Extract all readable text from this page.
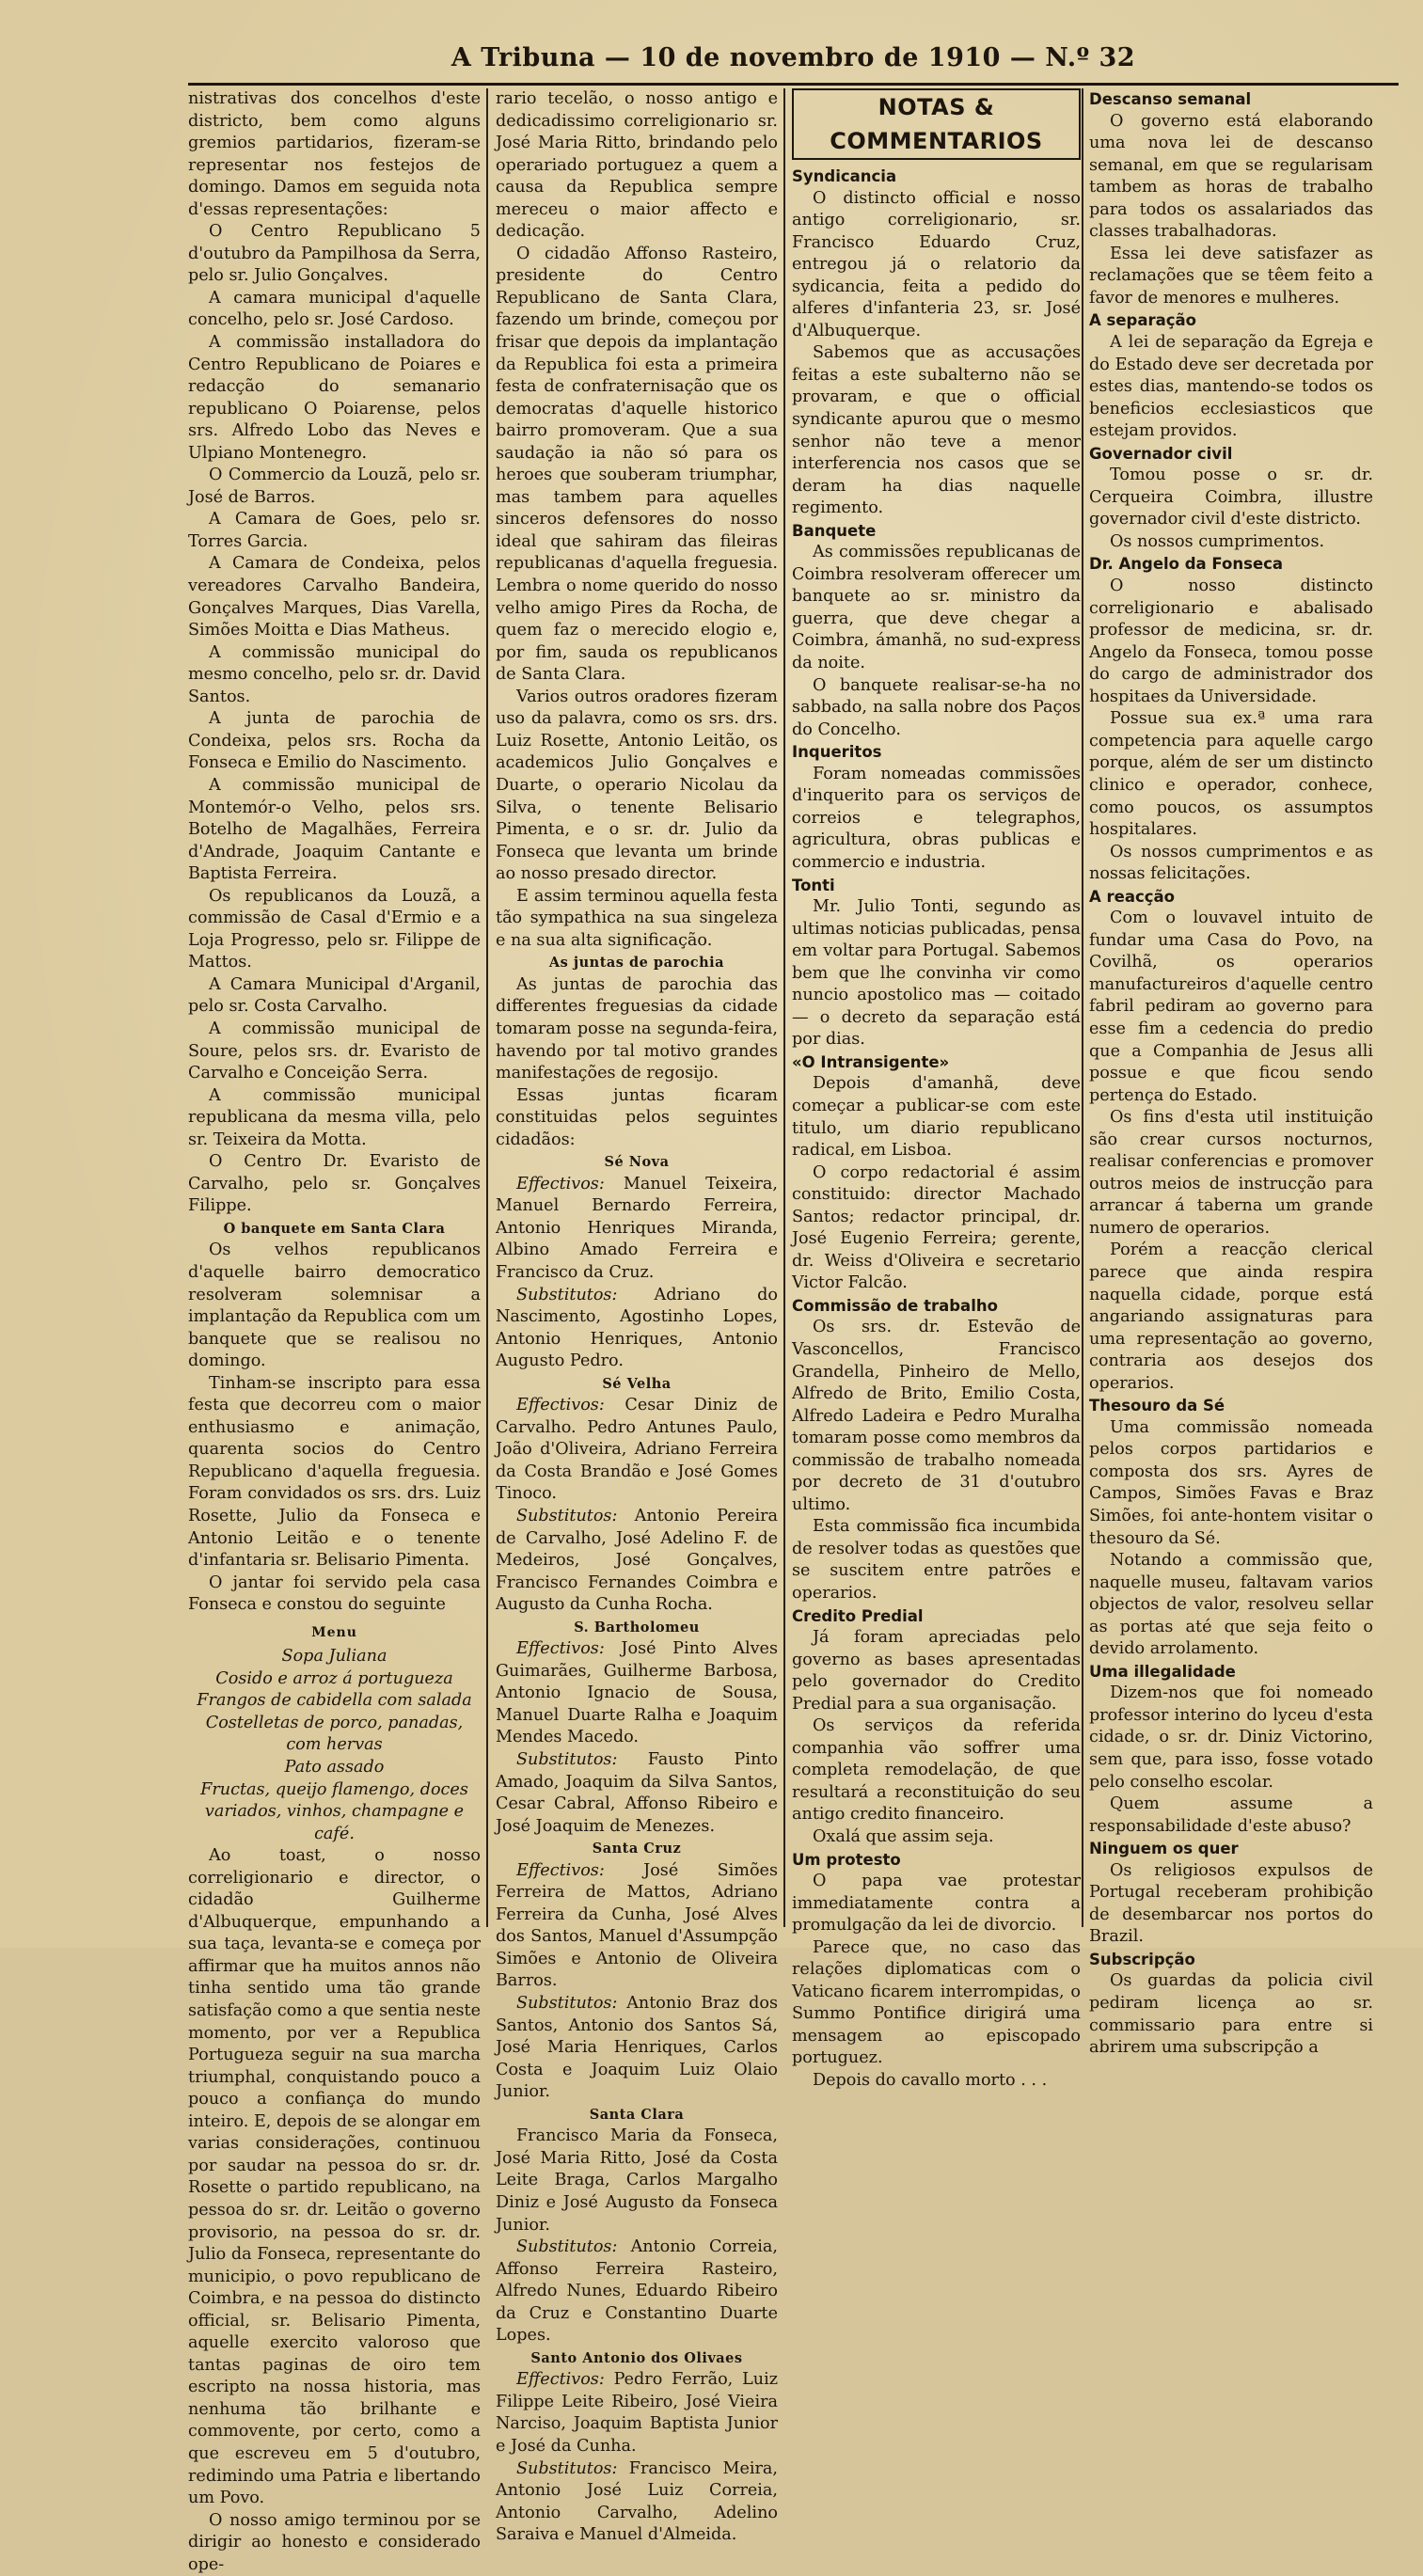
A Tribuna — 10 de novembro de 1910 — N.º 32

nistrativas dos concelhos d'este districto, bem como alguns gremios partidarios, fizeram-se representar nos festejos de domingo. Damos em seguida nota d'essas representações:

O Centro Republicano 5 d'outubro da Pampilhosa da Serra, pelo sr. Julio Gonçalves.

A camara municipal d'aquelle concelho, pelo sr. José Cardoso.

A commissão installadora do Centro Republicano de Poiares e redacção do semanario republicano O Poiarense, pelos srs. Alfredo Lobo das Neves e Ulpiano Montenegro.

O Commercio da Louzã, pelo sr. José de Barros.

A Camara de Goes, pelo sr. Torres Garcia.

A Camara de Condeixa, pelos vereadores Carvalho Bandeira, Gonçalves Marques, Dias Varella, Simões Moitta e Dias Matheus.

A commissão municipal do mesmo concelho, pelo sr. dr. David Santos.

A junta de parochia de Condeixa, pelos srs. Rocha da Fonseca e Emilio do Nascimento.

A commissão municipal de Montemór-o Velho, pelos srs. Botelho de Magalhães, Ferreira d'Andrade, Joaquim Cantante e Baptista Ferreira.

Os republicanos da Louzã, a commissão de Casal d'Ermio e a Loja Progresso, pelo sr. Filippe de Mattos.

A Camara Municipal d'Arganil, pelo sr. Costa Carvalho.

A commissão municipal de Soure, pelos srs. dr. Evaristo de Carvalho e Conceição Serra.

A commissão municipal republicana da mesma villa, pelo sr. Teixeira da Motta.

O Centro Dr. Evaristo de Carvalho, pelo sr. Gonçalves Filippe.

O banquete em Santa Clara

Os velhos republicanos d'aquelle bairro democratico resolveram solemnisar a implantação da Republica com um banquete que se realisou no domingo.

Tinham-se inscripto para essa festa que decorreu com o maior enthusiasmo e animação, quarenta socios do Centro Republicano d'aquella freguesia. Foram convidados os srs. drs. Luiz Rosette, Julio da Fonseca e Antonio Leitão e o tenente d'infantaria sr. Belisario Pimenta.

O jantar foi servido pela casa Fonseca e constou do seguinte

Menu

Sopa Juliana

Cosido e arroz á portugueza

Frangos de cabidella com salada

Costelletas de porco, panadas, com hervas

Pato assado

Fructas, queijo flamengo, doces variados, vinhos, champagne e café.

Ao toast, o nosso correligionario e director, o cidadão Guilherme d'Albuquerque, empunhando a sua taça, levanta-se e começa por affirmar que ha muitos annos não tinha sentido uma tão grande satisfação como a que sentia neste momento, por ver a Republica Portugueza seguir na sua marcha triumphal, conquistando pouco a pouco a confiança do mundo inteiro. E, depois de se alongar em varias considerações, continuou por saudar na pessoa do sr. dr. Rosette o partido republicano, na pessoa do sr. dr. Leitão o governo provisorio, na pessoa do sr. dr. Julio da Fonseca, representante do municipio, o povo republicano de Coimbra, e na pessoa do distincto official, sr. Belisario Pimenta, aquelle exercito valoroso que tantas paginas de oiro tem escripto na nossa historia, mas nenhuma tão brilhante e commovente, por certo, como a que escreveu em 5 d'outubro, redimindo uma Patria e libertando um Povo.

O nosso amigo terminou por se dirigir ao honesto e considerado ope-

rario tecelão, o nosso antigo e dedicadissimo correligionario sr. José Maria Ritto, brindando pelo operariado portuguez a quem a causa da Republica sempre mereceu o maior affecto e dedicação.

O cidadão Affonso Rasteiro, presidente do Centro Republicano de Santa Clara, fazendo um brinde, começou por frisar que depois da implantação da Republica foi esta a primeira festa de confraternisação que os democratas d'aquelle historico bairro promoveram. Que a sua saudação ia não só para os heroes que souberam triumphar, mas tambem para aquelles sinceros defensores do nosso ideal que sahiram das fileiras republicanas d'aquella freguesia. Lembra o nome querido do nosso velho amigo Pires da Rocha, de quem faz o merecido elogio e, por fim, sauda os republicanos de Santa Clara.

Varios outros oradores fizeram uso da palavra, como os srs. drs. Luiz Rosette, Antonio Leitão, os academicos Julio Gonçalves e Duarte, o operario Nicolau da Silva, o tenente Belisario Pimenta, e o sr. dr. Julio da Fonseca que levanta um brinde ao nosso presado director.

E assim terminou aquella festa tão sympathica na sua singeleza e na sua alta significação.

As juntas de parochia

As juntas de parochia das differentes freguesias da cidade tomaram posse na segunda-feira, havendo por tal motivo grandes manifestações de regosijo.

Essas juntas ficaram constituidas pelos seguintes cidadãos:

Sé Nova

Effectivos: Manuel Teixeira, Manuel Bernardo Ferreira, Antonio Henriques Miranda, Albino Amado Ferreira e Francisco da Cruz.

Substitutos: Adriano do Nascimento, Agostinho Lopes, Antonio Henriques, Antonio Augusto Pedro.

Sé Velha

Effectivos: Cesar Diniz de Carvalho. Pedro Antunes Paulo, João d'Oliveira, Adriano Ferreira da Costa Brandão e José Gomes Tinoco.

Substitutos: Antonio Pereira de Carvalho, José Adelino F. de Medeiros, José Gonçalves, Francisco Fernandes Coimbra e Augusto da Cunha Rocha.

S. Bartholomeu

Effectivos: José Pinto Alves Guimarães, Guilherme Barbosa, Antonio Ignacio de Sousa, Manuel Duarte Ralha e Joaquim Mendes Macedo.

Substitutos: Fausto Pinto Amado, Joaquim da Silva Santos, Cesar Cabral, Affonso Ribeiro e José Joaquim de Menezes.

Santa Cruz

Effectivos: José Simões Ferreira de Mattos, Adriano Ferreira da Cunha, José Alves dos Santos, Manuel d'Assumpção Simões e Antonio de Oliveira Barros.

Substitutos: Antonio Braz dos Santos, Antonio dos Santos Sá, José Maria Henriques, Carlos Costa e Joaquim Luiz Olaio Junior.

Santa Clara

Francisco Maria da Fonseca, José Maria Ritto, José da Costa Leite Braga, Carlos Margalho Diniz e José Augusto da Fonseca Junior.

Substitutos: Antonio Correia, Affonso Ferreira Rasteiro, Alfredo Nunes, Eduardo Ribeiro da Cruz e Constantino Duarte Lopes.

Santo Antonio dos Olivaes

Effectivos: Pedro Ferrão, Luiz Filippe Leite Ribeiro, José Vieira Narciso, Joaquim Baptista Junior e José da Cunha.

Substitutos: Francisco Meira, Antonio José Luiz Correia, Antonio Carvalho, Adelino Saraiva e Manuel d'Almeida.

NOTAS & COMMENTARIOS

Syndicancia

O distincto official e nosso antigo correligionario, sr. Francisco Eduardo Cruz, entregou já o relatorio da sydicancia, feita a pedido do alferes d'infanteria 23, sr. José d'Albuquerque.

Sabemos que as accusações feitas a este subalterno não se provaram, e que o official syndicante apurou que o mesmo senhor não teve a menor interferencia nos casos que se deram ha dias naquelle regimento.

Banquete

As commissões republicanas de Coimbra resolveram offerecer um banquete ao sr. ministro da guerra, que deve chegar a Coimbra, ámanhã, no sud-express da noite.

O banquete realisar-se-ha no sabbado, na salla nobre dos Paços do Concelho.

Inqueritos

Foram nomeadas commissões d'inquerito para os serviços de correios e telegraphos, agricultura, obras publicas e commercio e industria.

Tonti

Mr. Julio Tonti, segundo as ultimas noticias publicadas, pensa em voltar para Portugal. Sabemos bem que lhe convinha vir como nuncio apostolico mas — coitado — o decreto da separação está por dias.

«O Intransigente»

Depois d'amanhã, deve começar a publicar-se com este titulo, um diario republicano radical, em Lisboa.

O corpo redactorial é assim constituido: director Machado Santos; redactor principal, dr. José Eugenio Ferreira; gerente, dr. Weiss d'Oliveira e secretario Victor Falcão.

Commissão de trabalho

Os srs. dr. Estevão de Vasconcellos, Francisco Grandella, Pinheiro de Mello, Alfredo de Brito, Emilio Costa, Alfredo Ladeira e Pedro Muralha tomaram posse como membros da commissão de trabalho nomeada por decreto de 31 d'outubro ultimo.

Esta commissão fica incumbida de resolver todas as questões que se suscitem entre patrões e operarios.

Credito Predial

Já foram apreciadas pelo governo as bases apresentadas pelo governador do Credito Predial para a sua organisação.

Os serviços da referida companhia vão soffrer uma completa remodelação, de que resultará a reconstituição do seu antigo credito financeiro.

Oxalá que assim seja.

Um protesto

O papa vae protestar immediatamente contra a promulgação da lei de divorcio.

Parece que, no caso das relações diplomaticas com o Vaticano ficarem interrompidas, o Summo Pontifice dirigirá uma mensagem ao episcopado portuguez.

Depois do cavallo morto . . .

Descanso semanal

O governo está elaborando uma nova lei de descanso semanal, em que se regularisam tambem as horas de trabalho para todos os assalariados das classes trabalhadoras.

Essa lei deve satisfazer as reclamações que se têem feito a favor de menores e mulheres.

A separação

A lei de separação da Egreja e do Estado deve ser decretada por estes dias, mantendo-se todos os beneficios ecclesiasticos que estejam providos.

Governador civil

Tomou posse o sr. dr. Cerqueira Coimbra, illustre governador civil d'este districto.

Os nossos cumprimentos.

Dr. Angelo da Fonseca

O nosso distincto correligionario e abalisado professor de medicina, sr. dr. Angelo da Fonseca, tomou posse do cargo de administrador dos hospitaes da Universidade.

Possue sua ex.ª uma rara competencia para aquelle cargo porque, além de ser um distincto clinico e operador, conhece, como poucos, os assumptos hospitalares.

Os nossos cumprimentos e as nossas felicitações.

A reacção

Com o louvavel intuito de fundar uma Casa do Povo, na Covilhã, os operarios manufactureiros d'aquelle centro fabril pediram ao governo para esse fim a cedencia do predio que a Companhia de Jesus alli possue e que ficou sendo pertença do Estado.

Os fins d'esta util instituição são crear cursos nocturnos, realisar conferencias e promover outros meios de instrucção para arrancar á taberna um grande numero de operarios.

Porém a reacção clerical parece que ainda respira naquella cidade, porque está angariando assignaturas para uma representação ao governo, contraria aos desejos dos operarios.

Thesouro da Sé

Uma commissão nomeada pelos corpos partidarios e composta dos srs. Ayres de Campos, Simões Favas e Braz Simões, foi ante-hontem visitar o thesouro da Sé.

Notando a commissão que, naquelle museu, faltavam varios objectos de valor, resolveu sellar as portas até que seja feito o devido arrolamento.

Uma illegalidade

Dizem-nos que foi nomeado professor interino do lyceu d'esta cidade, o sr. dr. Diniz Victorino, sem que, para isso, fosse votado pelo conselho escolar.

Quem assume a responsabilidade d'este abuso?

Ninguem os quer

Os religiosos expulsos de Portugal receberam prohibição de desembarcar nos portos do Brazil.

Subscripção

Os guardas da policia civil pediram licença ao sr. commissario para entre si abrirem uma subscripção a
